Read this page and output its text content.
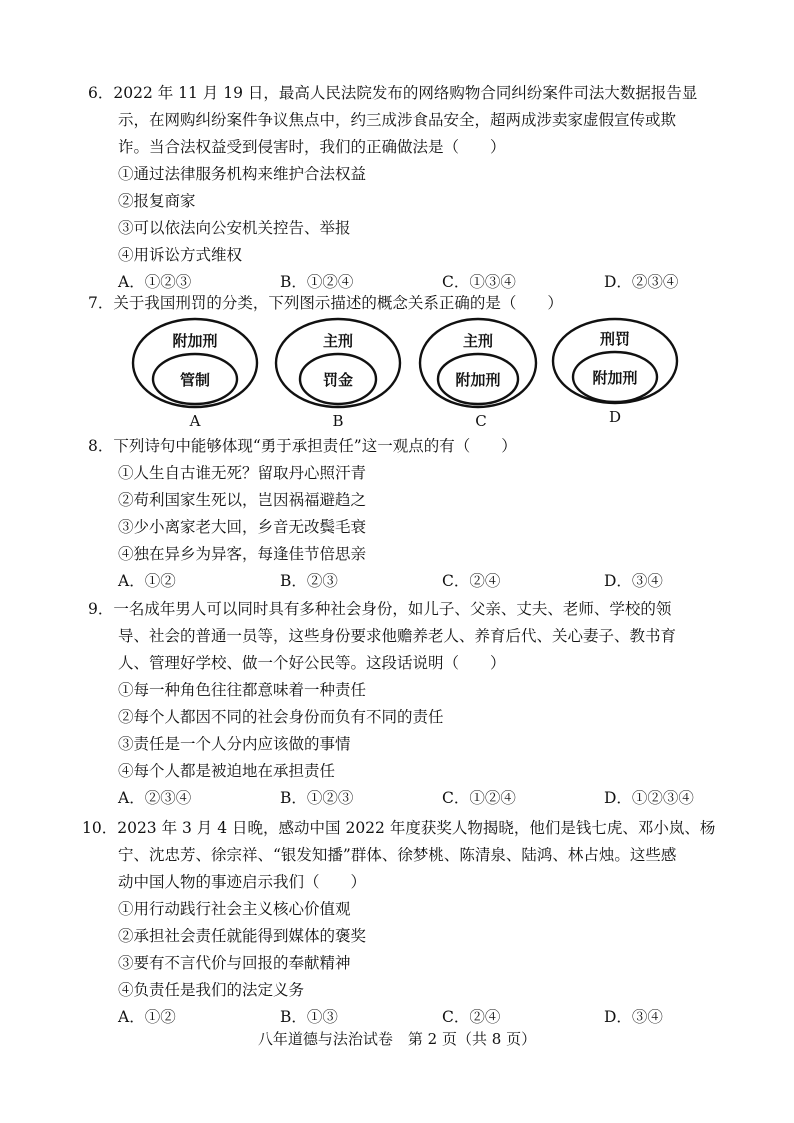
6．2022 年 11 月 19 日，最高人民法院发布的网络购物合同纠纷案件司法大数据报告显
示，在网购纠纷案件争议焦点中，约三成涉食品安全，超两成涉卖家虚假宣传或欺
诈。当合法权益受到侵害时，我们的正确做法是（　　）
①通过法律服务机构来维护合法权益
②报复商家
③可以依法向公安机关控告、举报
④用诉讼方式维权
A．①②③	B．①②④	C．①③④	D．②③④
7．关于我国刑罚的分类，下列图示描述的概念关系正确的是（　　）
附加刑
管制
A
主刑
罚金
B
主刑
附加刑
C
刑罚
附加刑
D
8．下列诗句中能够体现“勇于承担责任”这一观点的有（　　）
①人生自古谁无死？留取丹心照汗青
②苟利国家生死以，岂因祸福避趋之
③少小离家老大回，乡音无改鬓毛衰
④独在异乡为异客，每逢佳节倍思亲
A．①②	B．②③	C．②④	D．③④
9．一名成年男人可以同时具有多种社会身份，如儿子、父亲、丈夫、老师、学校的领
导、社会的普通一员等，这些身份要求他赡养老人、养育后代、关心妻子、教书育
人、管理好学校、做一个好公民等。这段话说明（　　）
①每一种角色往往都意味着一种责任
②每个人都因不同的社会身份而负有不同的责任
③责任是一个人分内应该做的事情
④每个人都是被迫地在承担责任
A．②③④	B．①②③	C．①②④	D．①②③④
10．2023 年 3 月 4 日晚，感动中国 2022 年度获奖人物揭晓，他们是钱七虎、邓小岚、杨
宁、沈忠芳、徐宗祥、“银发知播”群体、徐梦桃、陈清泉、陆鸿、林占烛。这些感
动中国人物的事迹启示我们（　　）
①用行动践行社会主义核心价值观
②承担社会责任就能得到媒体的褒奖
③要有不言代价与回报的奉献精神
④负责任是我们的法定义务
A．①②	B．①③	C．②④	D．③④
八年道德与法治试卷　第 2 页（共 8 页）
